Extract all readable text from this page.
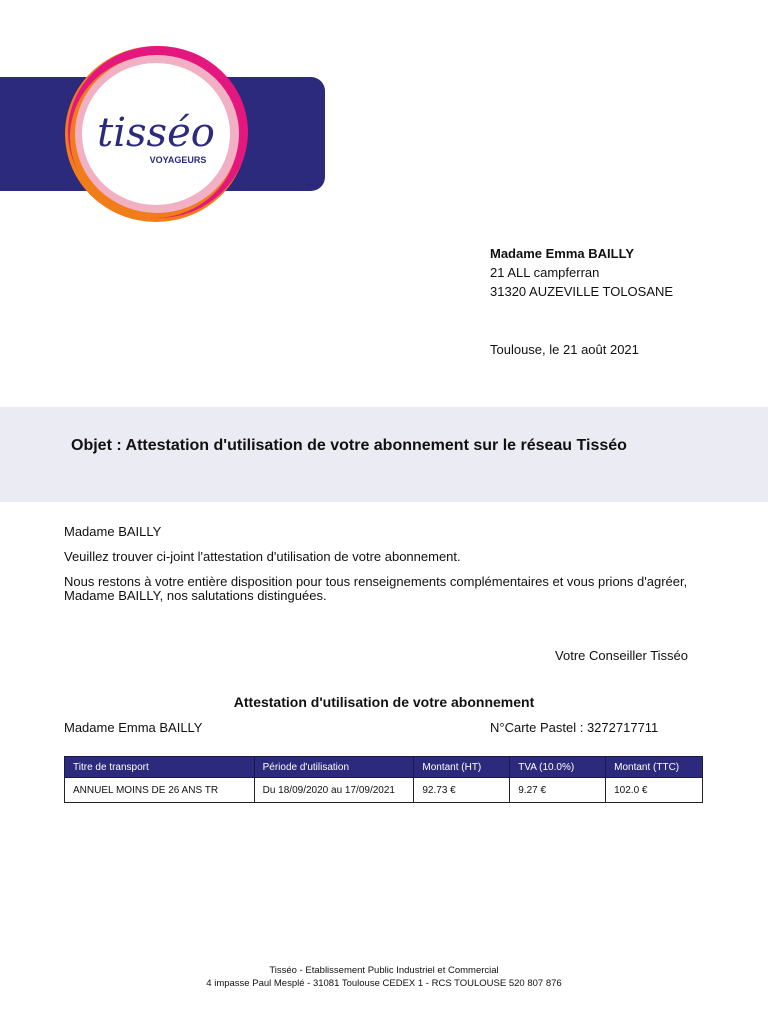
tisséo
VOYAGEURS
Madame Emma BAILLY
21 ALL campferran
31320 AUZEVILLE TOLOSANE
Toulouse, le 21 août 2021
Objet : Attestation d'utilisation de votre abonnement sur le réseau Tisséo
Madame BAILLY
Veuillez trouver ci-joint l'attestation d'utilisation de votre abonnement.
Nous restons à votre entière disposition pour tous renseignements complémentaires et vous prions d'agréer, Madame BAILLY, nos salutations distinguées.
Votre Conseiller Tisséo
Attestation d'utilisation de votre abonnement
Madame Emma BAILLY	N°Carte Pastel : 3272717711
Titre de transport	Période d'utilisation	Montant (HT)	TVA (10.0%)	Montant (TTC)
ANNUEL MOINS DE 26 ANS TR	Du 18/09/2020 au 17/09/2021	92.73 €	9.27 €	102.0 €
Tisséo - Etablissement Public Industriel et Commercial
4 impasse Paul Mesplé - 31081 Toulouse CEDEX 1 - RCS TOULOUSE 520 807 876
